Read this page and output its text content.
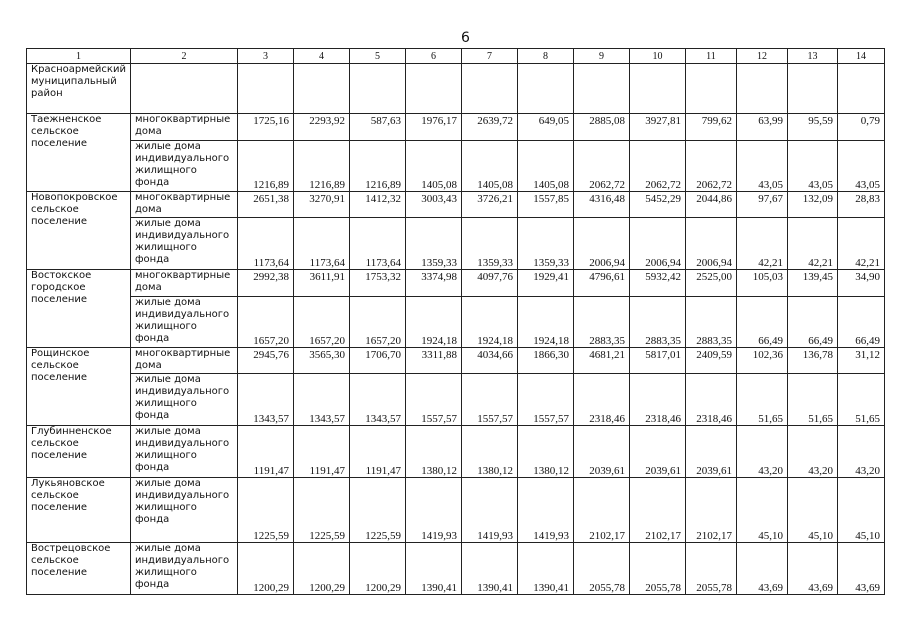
6
1	2	3	4	5	6	7	8	9	10	11	12	13	14
Красноармейский муниципальный район													
Таежненское сельское поселение	многоквартирные дома	1725,16	2293,92	587,63	1976,17	2639,72	649,05	2885,08	3927,81	799,62	63,99	95,59	0,79
	жилые дома индивидуального жилищного фонда	1216,89	1216,89	1216,89	1405,08	1405,08	1405,08	2062,72	2062,72	2062,72	43,05	43,05	43,05
Новопокровское сельское поселение	многоквартирные дома	2651,38	3270,91	1412,32	3003,43	3726,21	1557,85	4316,48	5452,29	2044,86	97,67	132,09	28,83
	жилые дома индивидуального жилищного фонда	1173,64	1173,64	1173,64	1359,33	1359,33	1359,33	2006,94	2006,94	2006,94	42,21	42,21	42,21
Востокское городское поселение	многоквартирные дома	2992,38	3611,91	1753,32	3374,98	4097,76	1929,41	4796,61	5932,42	2525,00	105,03	139,45	34,90
	жилые дома индивидуального жилищного фонда	1657,20	1657,20	1657,20	1924,18	1924,18	1924,18	2883,35	2883,35	2883,35	66,49	66,49	66,49
Рощинское сельское поселение	многоквартирные дома	2945,76	3565,30	1706,70	3311,88	4034,66	1866,30	4681,21	5817,01	2409,59	102,36	136,78	31,12
	жилые дома индивидуального жилищного фонда	1343,57	1343,57	1343,57	1557,57	1557,57	1557,57	2318,46	2318,46	2318,46	51,65	51,65	51,65
Глубинненское сельское поселение	жилые дома индивидуального жилищного фонда	1191,47	1191,47	1191,47	1380,12	1380,12	1380,12	2039,61	2039,61	2039,61	43,20	43,20	43,20
Лукьяновское сельское поселение	жилые дома индивидуального жилищного фонда	1225,59	1225,59	1225,59	1419,93	1419,93	1419,93	2102,17	2102,17	2102,17	45,10	45,10	45,10
Вострецовское сельское поселение	жилые дома индивидуального жилищного фонда	1200,29	1200,29	1200,29	1390,41	1390,41	1390,41	2055,78	2055,78	2055,78	43,69	43,69	43,69
